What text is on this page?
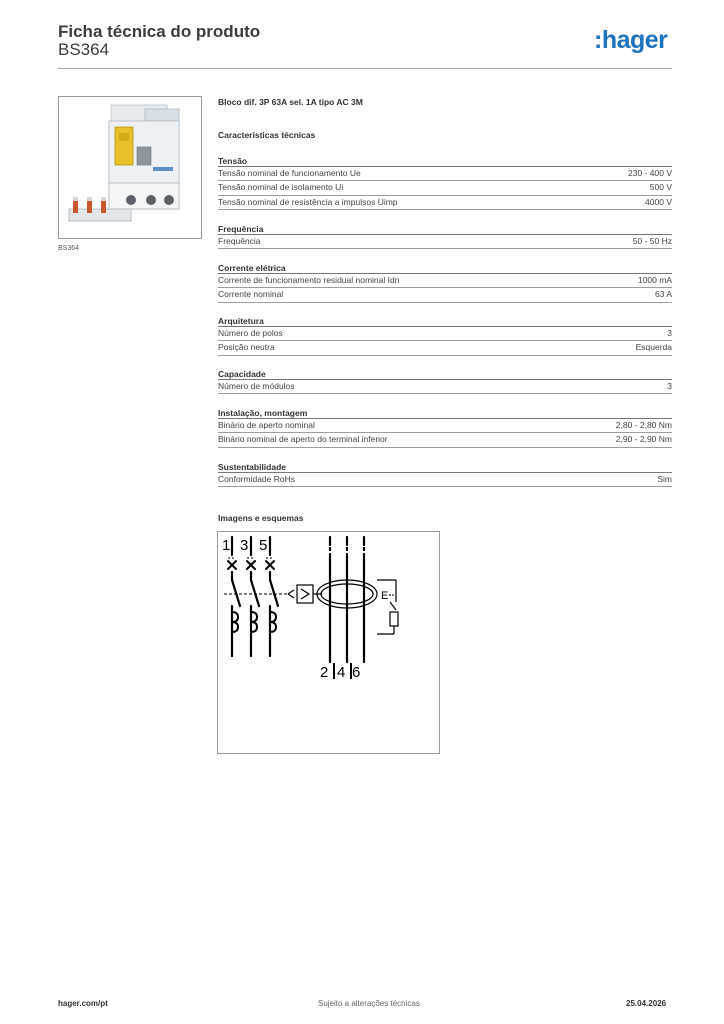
Ficha técnica do produto
BS364	:hager
BS364
Bloco dif. 3P 63A sel. 1A tipo AC 3M
Características técnicas
Tensão
Tensão nominal de funcionamento Ue	230 - 400 V
Tensão nominal de isolamento Ui	500 V
Tensão nominal de resistência a impulsos Uimp	4000 V
Frequência
Frequência	50 - 50 Hz
Corrente elétrica
Corrente de funcionamento residual nominal Idn	1000 mA
Corrente nominal	63 A
Arquitetura
Número de polos	3
Posição neutra	Esquerda
Capacidade
Número de módulos	3
Instalação, montagem
Binário de aperto nominal	2,80 - 2,80 Nm
Binário nominal de aperto do terminal inferior	2,90 - 2,90 Nm
Sustentabilidade
Conformidade RoHs	Sim
Imagens e esquemas
E
1 3 5
2 4 6
hager.com/pt	Sujeito a alterações técnicas	25.04.2026
